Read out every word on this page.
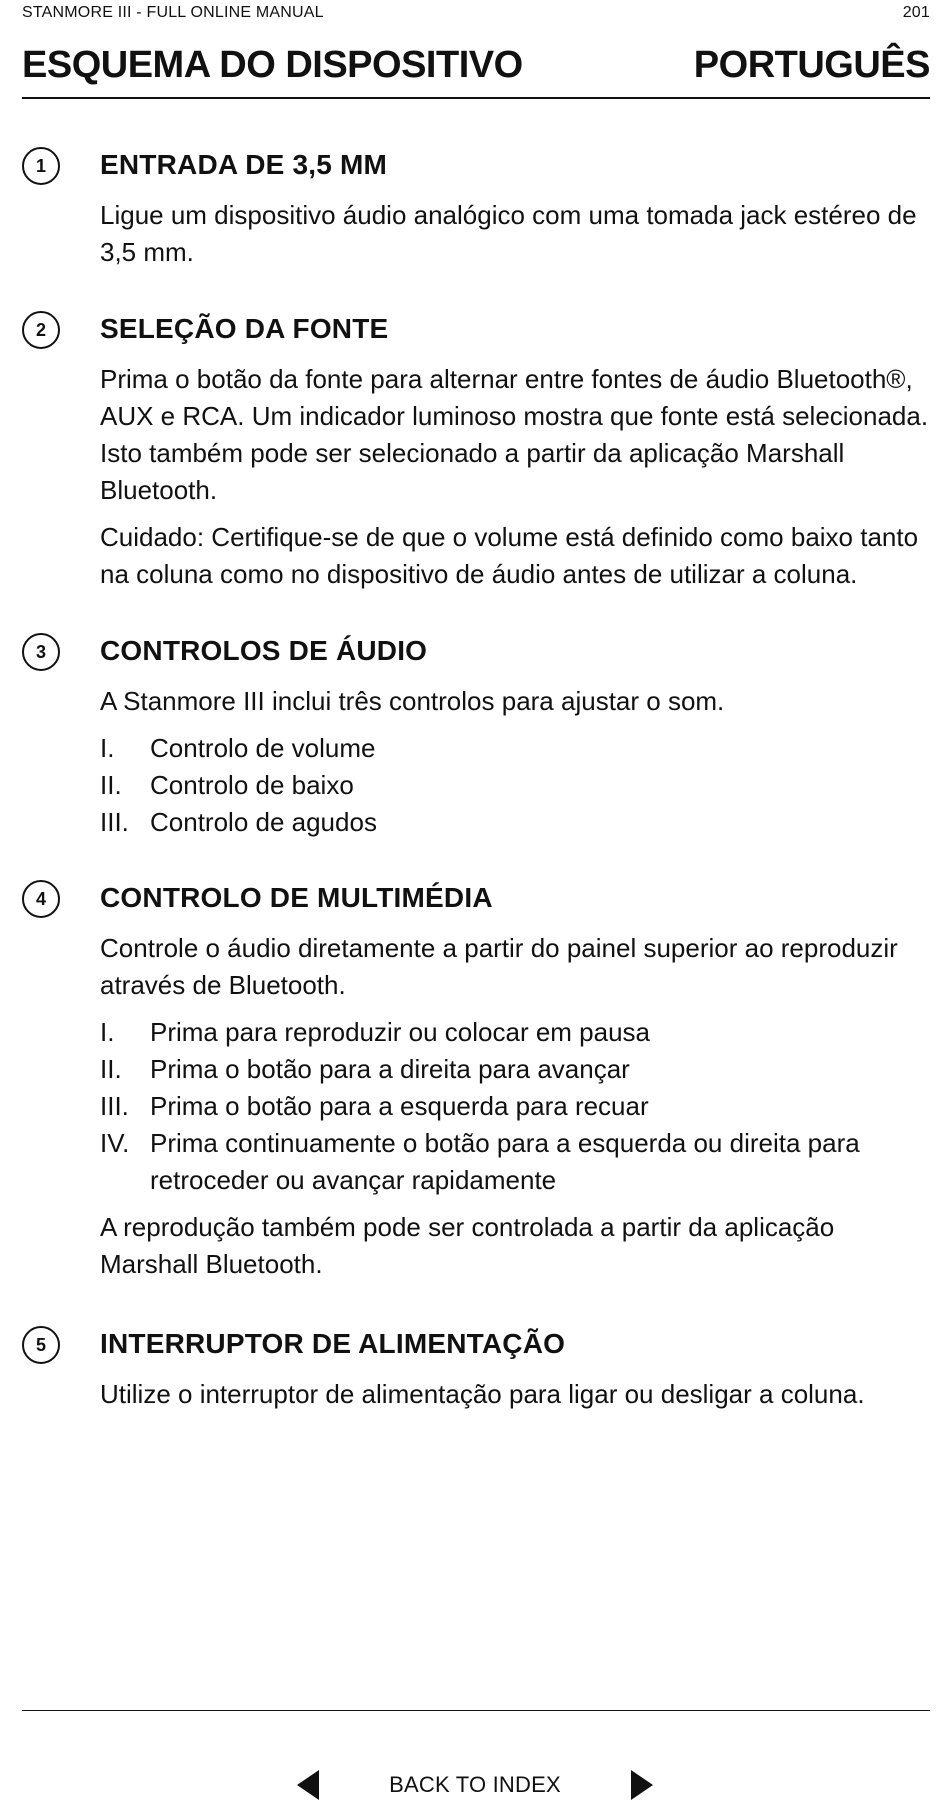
STANMORE III - FULL ONLINE MANUAL	201
ESQUEMA DO DISPOSITIVO	PORTUGUÊS
1	ENTRADA DE 3,5 MM

Ligue um dispositivo áudio analógico com uma tomada jack estéreo de 3,5 mm.

2	SELEÇÃO DA FONTE

Prima o botão da fonte para alternar entre fontes de áudio Bluetooth®, AUX e RCA. Um indicador luminoso mostra que fonte está selecionada. Isto também pode ser selecionado a partir da aplicação Marshall Bluetooth.

Cuidado: Certifique-se de que o volume está definido como baixo tanto na coluna como no dispositivo de áudio antes de utilizar a coluna.

3	CONTROLOS DE ÁUDIO

A Stanmore III inclui três controlos para ajustar o som.

I.	Controlo de volume
II.	Controlo de baixo
III. Controlo de agudos
4	CONTROLO DE MULTIMÉDIA

Controle o áudio diretamente a partir do painel superior ao reproduzir através de Bluetooth.

I.	Prima para reproduzir ou colocar em pausa
II.	Prima o botão para a direita para avançar
III. Prima o botão para a esquerda para recuar
IV. Prima continuamente o botão para a esquerda ou direita para retroceder ou avançar rapidamente

A reprodução também pode ser controlada a partir da aplicação Marshall Bluetooth.

5	INTERRUPTOR DE ALIMENTAÇÃO

Utilize o interruptor de alimentação para ligar ou desligar a coluna.

BACK TO INDEX
